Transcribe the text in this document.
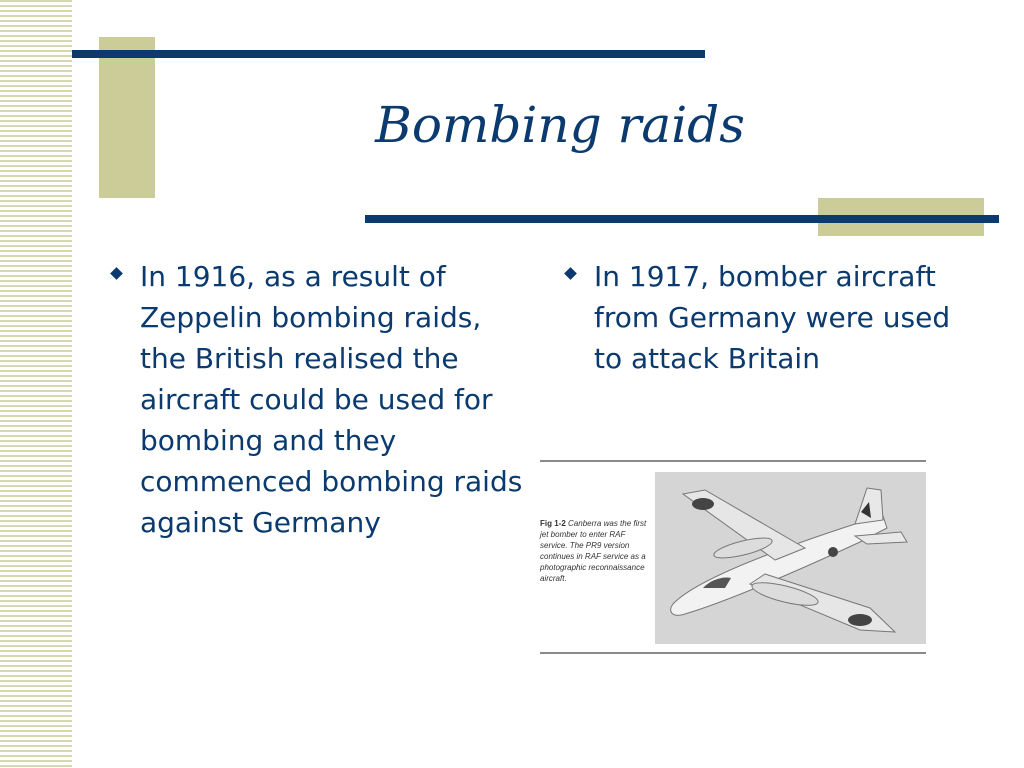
Bombing raids
In 1916, as a result of Zeppelin bombing raids, the British realised the aircraft could be used for bombing and they commenced bombing raids against Germany
In 1917, bomber aircraft from Germany were used to attack Britain
Fig 1-2 Canberra was the first jet bomber to enter RAF service. The PR9 version continues in RAF service as a photographic reconnaissance aircraft.
